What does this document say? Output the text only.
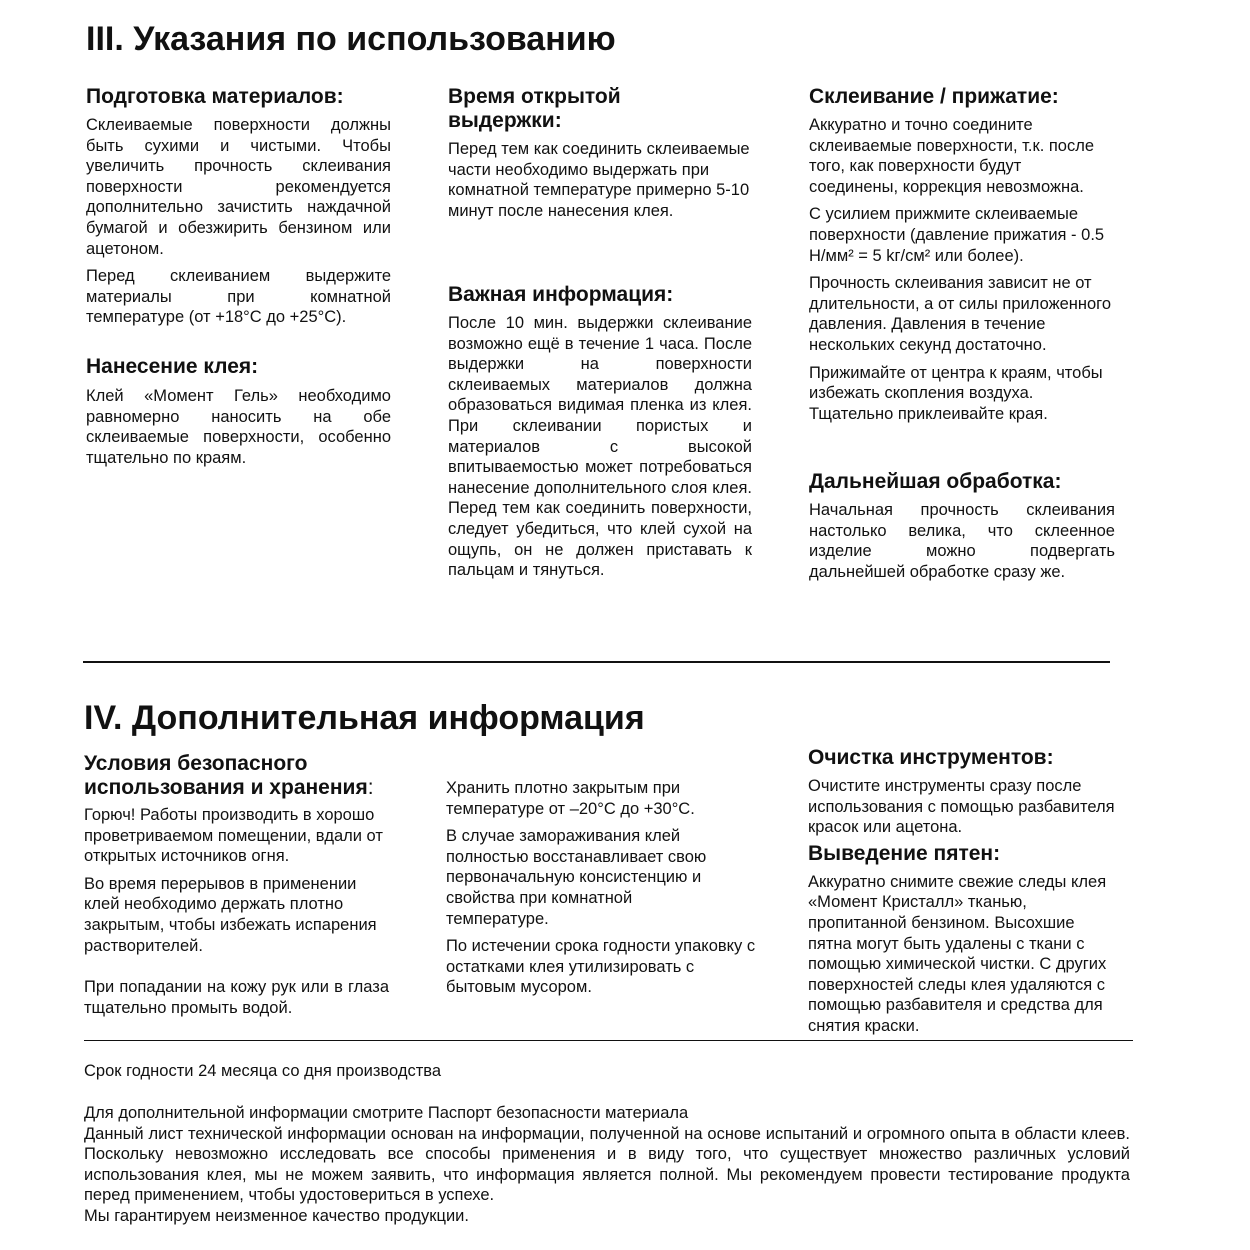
III. Указания по использованию
Подготовка материалов:

Склеиваемые поверхности должны быть сухими и чистыми. Чтобы увеличить прочность склеивания поверхности рекомендуется дополнительно зачистить наждачной бумагой и обезжирить бензином или ацетоном.

Перед склеиванием выдержите материалы при комнатной температуре (от +18°C до +25°C).

Нанесение клея:

Клей «Момент Гель» необходимо равномерно наносить на обе склеиваемые поверхности, особенно тщательно по краям.

Время открытой выдержки:

Перед тем как соединить склеиваемые части необходимо выдержать при комнатной температуре примерно 5-10 минут после нанесения клея.

Важная информация:

После 10 мин. выдержки склеивание возможно ещё в течение 1 часа. После выдержки на поверхности склеиваемых материалов должна образоваться видимая пленка из клея. При склеивании пористых и материалов с высокой впитываемостью может потребоваться нанесение дополнительного слоя клея. Перед тем как соединить поверхности, следует убедиться, что клей сухой на ощупь, он не должен приставать к пальцам и тянуться.

Склеивание / прижатие:

Аккуратно и точно соедините склеиваемые поверхности, т.к. после того, как поверхности будут соединены, коррекция невозможна.

С усилием прижмите склеиваемые поверхности (давление прижатия - 0.5 Н/мм² = 5 kг/см² или более).

Прочность склеивания зависит не от длительности, а от силы приложенного давления. Давления в течение нескольких секунд достаточно.

Прижимайте от центра к краям, чтобы избежать скопления воздуха. Тщательно приклеивайте края.

Дальнейшая обработка:

Начальная прочность склеивания настолько велика, что склеенное изделие можно подвергать дальнейшей обработке сразу же.

IV. Дополнительная информация
Условия безопасного использования и хранения:

Горюч! Работы производить в хорошо проветриваемом помещении, вдали от открытых источников огня.

Во время перерывов в применении клей необходимо держать плотно закрытым, чтобы избежать испарения растворителей.

При попадании на кожу рук или в глаза тщательно промыть водой.

Хранить плотно закрытым при температуре от –20°C до +30°C.

В случае замораживания клей полностью восстанавливает свою первоначальную консистенцию и свойства при комнатной температуре.

По истечении срока годности упаковку с остатками клея утилизировать с бытовым мусором.

Очистка инструментов:

Очистите инструменты сразу после использования с помощью разбавителя красок или ацетона.

Выведение пятен:

Аккуратно снимите свежие следы клея «Момент Кристалл» тканью, пропитанной бензином. Высохшие пятна могут быть удалены с ткани с помощью химической чистки. С других поверхностей следы клея удаляются с помощью разбавителя и средства для снятия краски.

Срок годности 24 месяца со дня производства

Для дополнительной информации смотрите Паспорт безопасности материала

Данный лист технической информации основан на информации, полученной на основе испытаний и огромного опыта в области клеев. Поскольку невозможно исследовать все способы применения и в виду того, что существует множество различных условий использования клея, мы не можем заявить, что информация является полной. Мы рекомендуем провести тестирование продукта перед применением, чтобы удостовериться в успехе.

Мы гарантируем неизменное качество продукции.
